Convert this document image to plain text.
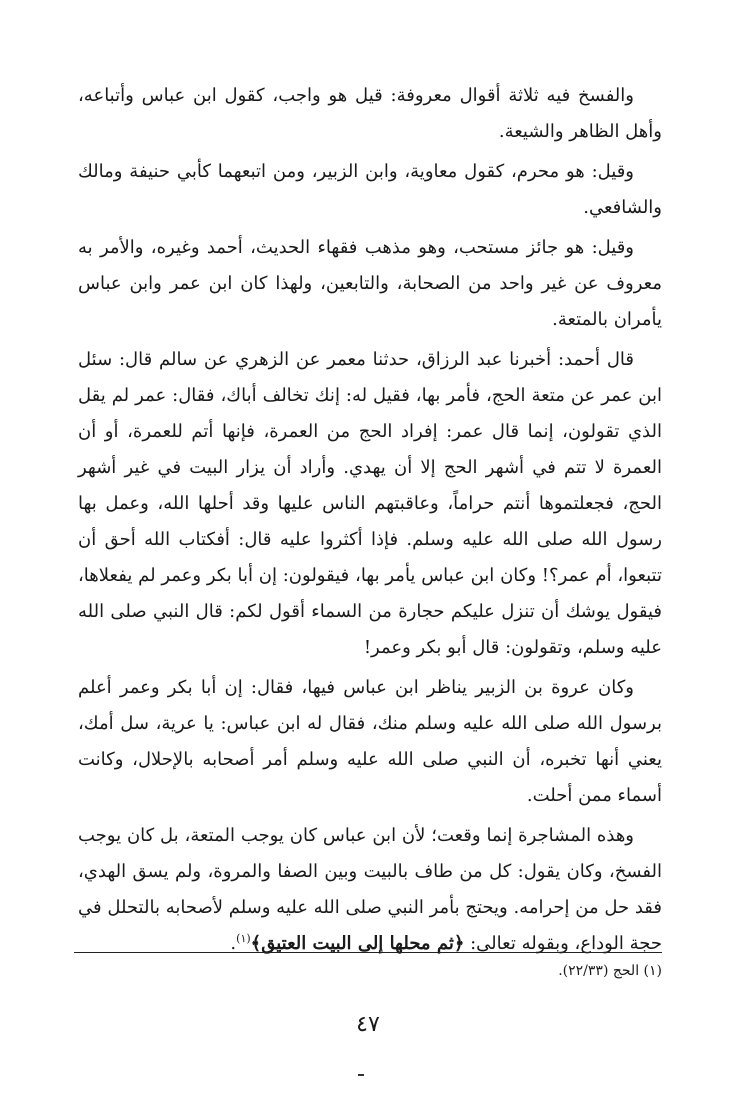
والفسخ فيه ثلاثة أقوال معروفة: قيل هو واجب، كقول ابن عباس وأتباعه، وأهل الظاهر والشيعة.

وقيل: هو محرم، كقول معاوية، وابن الزبير، ومن اتبعهما كأبي حنيفة ومالك والشافعي.

وقيل: هو جائز مستحب، وهو مذهب فقهاء الحديث، أحمد وغيره، والأمر به معروف عن غير واحد من الصحابة، والتابعين، ولهذا كان ابن عمر وابن عباس يأمران بالمتعة.

قال أحمد: أخبرنا عبد الرزاق، حدثنا معمر عن الزهري عن سالم قال: سئل ابن عمر عن متعة الحج، فأمر بها، فقيل له: إنك تخالف أباك، فقال: عمر لم يقل الذي تقولون، إنما قال عمر: إفراد الحج من العمرة، فإنها أتم للعمرة، أو أن العمرة لا تتم في أشهر الحج إلا أن يهدي. وأراد أن يزار البيت في غير أشهر الحج، فجعلتموها أنتم حراماً، وعاقبتهم الناس عليها وقد أحلها الله، وعمل بها رسول الله صلى الله عليه وسلم. فإذا أكثروا عليه قال: أفكتاب الله أحق أن تتبعوا، أم عمر؟! وكان ابن عباس يأمر بها، فيقولون: إن أبا بكر وعمر لم يفعلاها، فيقول يوشك أن تنزل عليكم حجارة من السماء أقول لكم: قال النبي صلى الله عليه وسلم، وتقولون: قال أبو بكر وعمر!

وكان عروة بن الزبير يناظر ابن عباس فيها، فقال: إن أبا بكر وعمر أعلم برسول الله صلى الله عليه وسلم منك، فقال له ابن عباس: يا عرية، سل أمك، يعني أنها تخبره، أن النبي صلى الله عليه وسلم أمر أصحابه بالإحلال، وكانت أسماء ممن أحلت.

وهذه المشاجرة إنما وقعت؛ لأن ابن عباس كان يوجب المتعة، بل كان يوجب الفسخ، وكان يقول: كل من طاف بالبيت وبين الصفا والمروة، ولم يسق الهدي، فقد حل من إحرامه. ويحتج بأمر النبي صلى الله عليه وسلم لأصحابه بالتحلل في حجة الوداع، وبقوله تعالى: ﴿ثم محلها إلى البيت العتيق﴾$^{(١)}$.

(١) الحج (٢٢/٣٣).
٤٧
